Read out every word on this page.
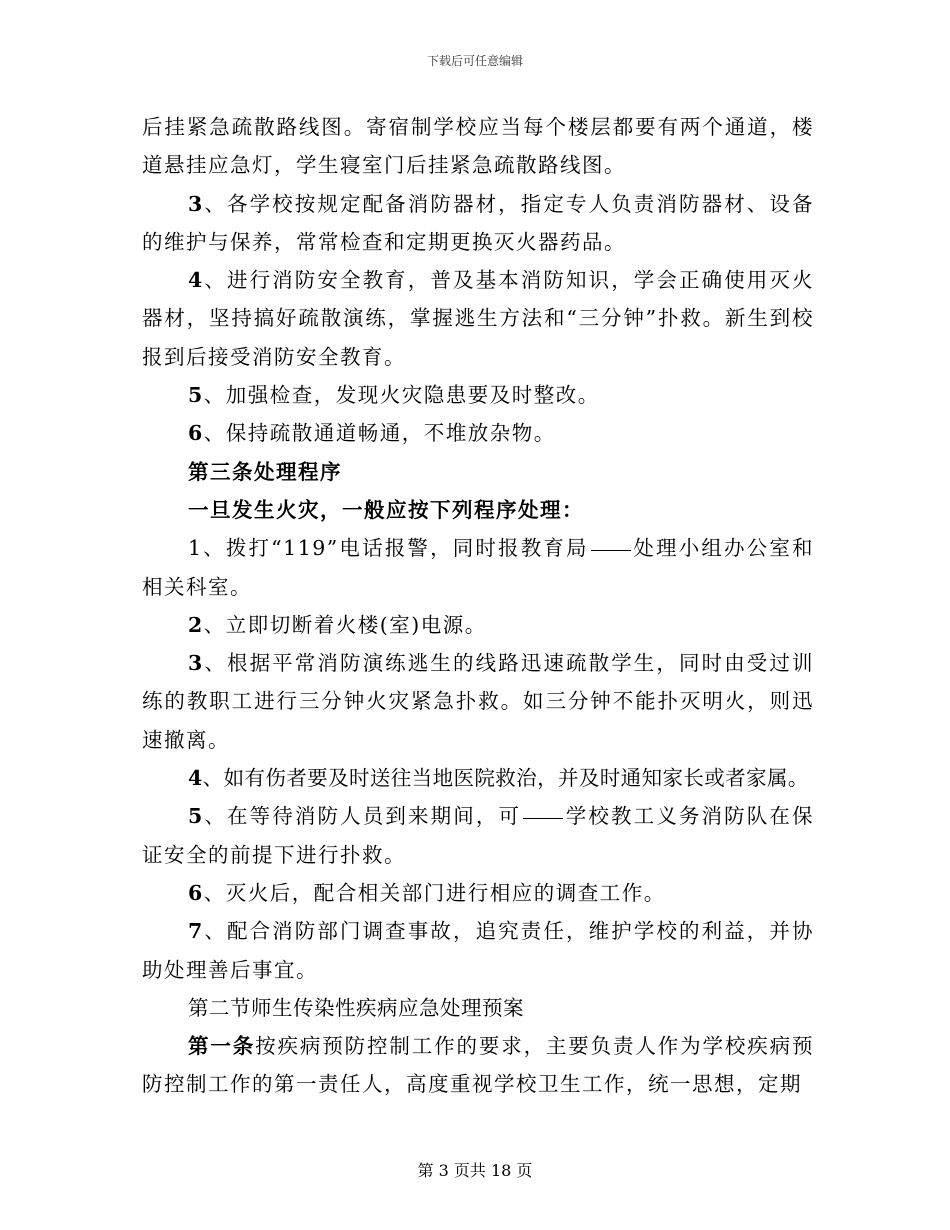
下载后可任意编辑

后挂紧急疏散路线图。寄宿制学校应当每个楼层都要有两个通道，楼道悬挂应急灯，学生寝室门后挂紧急疏散路线图。

3、各学校按规定配备消防器材，指定专人负责消防器材、设备的维护与保养，常常检查和定期更换灭火器药品。

4、进行消防安全教育，普及基本消防知识，学会正确使用灭火器材，坚持搞好疏散演练，掌握逃生方法和“三分钟”扑救。新生到校报到后接受消防安全教育。

5、加强检查，发现火灾隐患要及时整改。

6、保持疏散通道畅通，不堆放杂物。

第三条处理程序

一旦发生火灾，一般应按下列程序处理：

1、拨打“119”电话报警，同时报教育局 处理小组办公室和相关科室。

2、立即切断着火楼(室)电源。

3、根据平常消防演练逃生的线路迅速疏散学生，同时由受过训练的教职工进行三分钟火灾紧急扑救。如三分钟不能扑灭明火，则迅速撤离。

4、如有伤者要及时送往当地医院救治，并及时通知家长或者家属。

5、在等待消防人员到来期间，可 学校教工义务消防队在保证安全的前提下进行扑救。

6、灭火后，配合相关部门进行相应的调查工作。

7、配合消防部门调查事故，追究责任，维护学校的利益，并协助处理善后事宜。

第二节师生传染性疾病应急处理预案

第一条按疾病预防控制工作的要求，主要负责人作为学校疾病预防控制工作的第一责任人，高度重视学校卫生工作，统一思想，定期

第 3 页共 18 页
